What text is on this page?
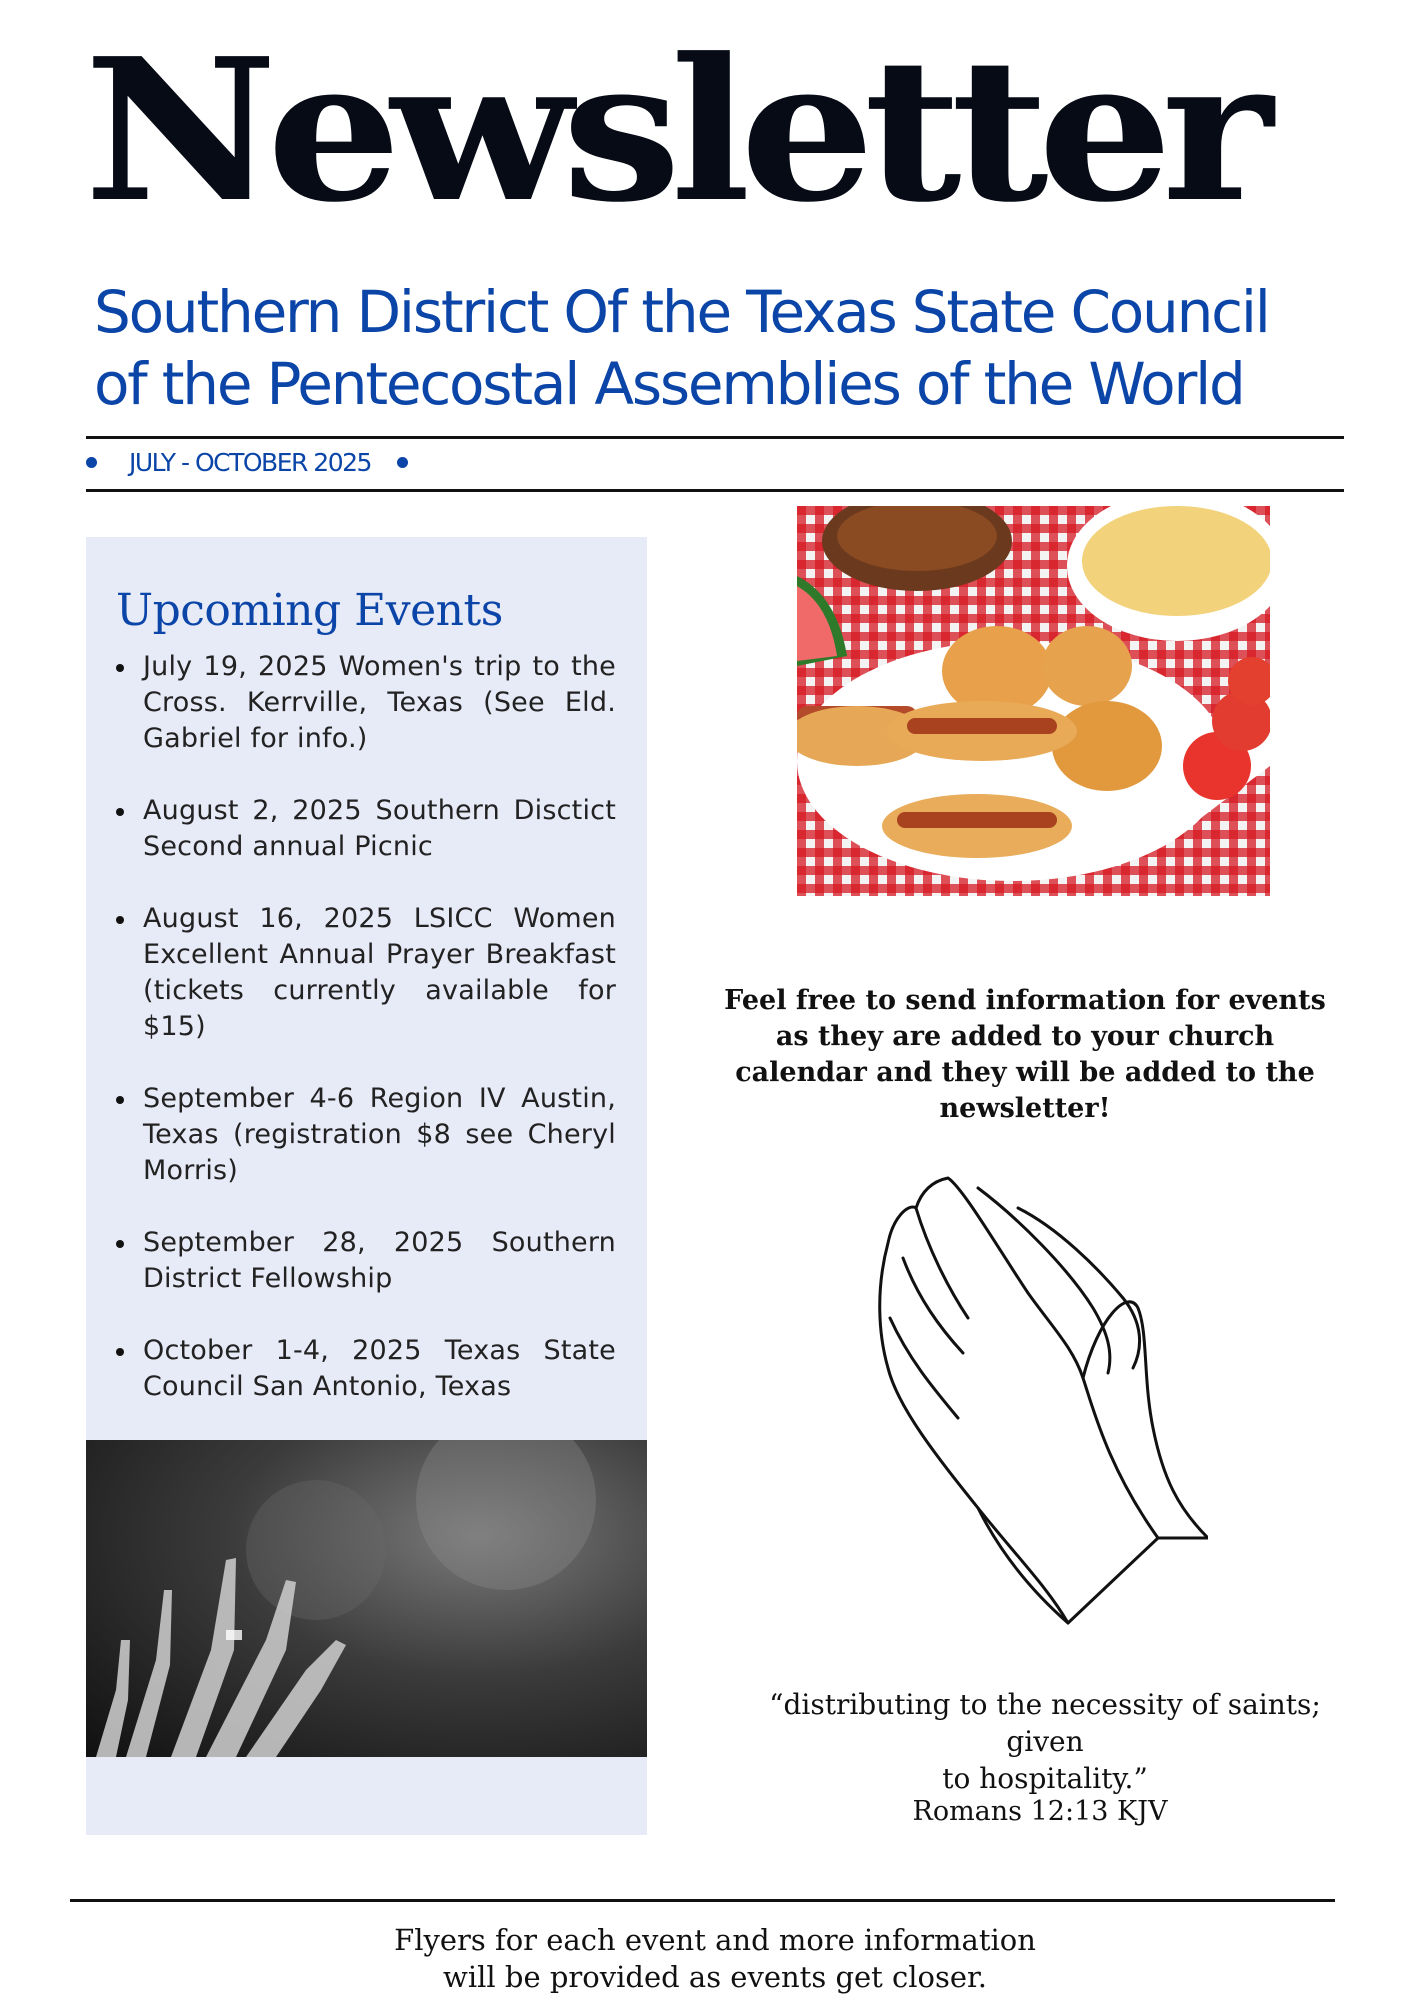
Newsletter
Southern District Of the Texas State Council
of the Pentecostal Assemblies of the World
JULY - OCTOBER 2025
Upcoming Events
July 19, 2025 Women's trip to the Cross. Kerrville, Texas (See Eld. Gabriel for info.)
August 2, 2025 Southern Disctict Second annual Picnic
August 16, 2025 LSICC Women Excellent Annual Prayer Breakfast (tickets currently available for $15)
September 4-6 Region IV Austin, Texas (registration $8 see Cheryl Morris)
September 28, 2025 Southern District Fellowship
October 1-4, 2025 Texas State Council San Antonio, Texas
Feel free to send information for events as they are added to your church calendar and they will be added to the newsletter!
“distributing to the necessity of saints; given
to hospitality.”
Romans 12:13 KJV
Flyers for each event and more information
will be provided as events get closer.
